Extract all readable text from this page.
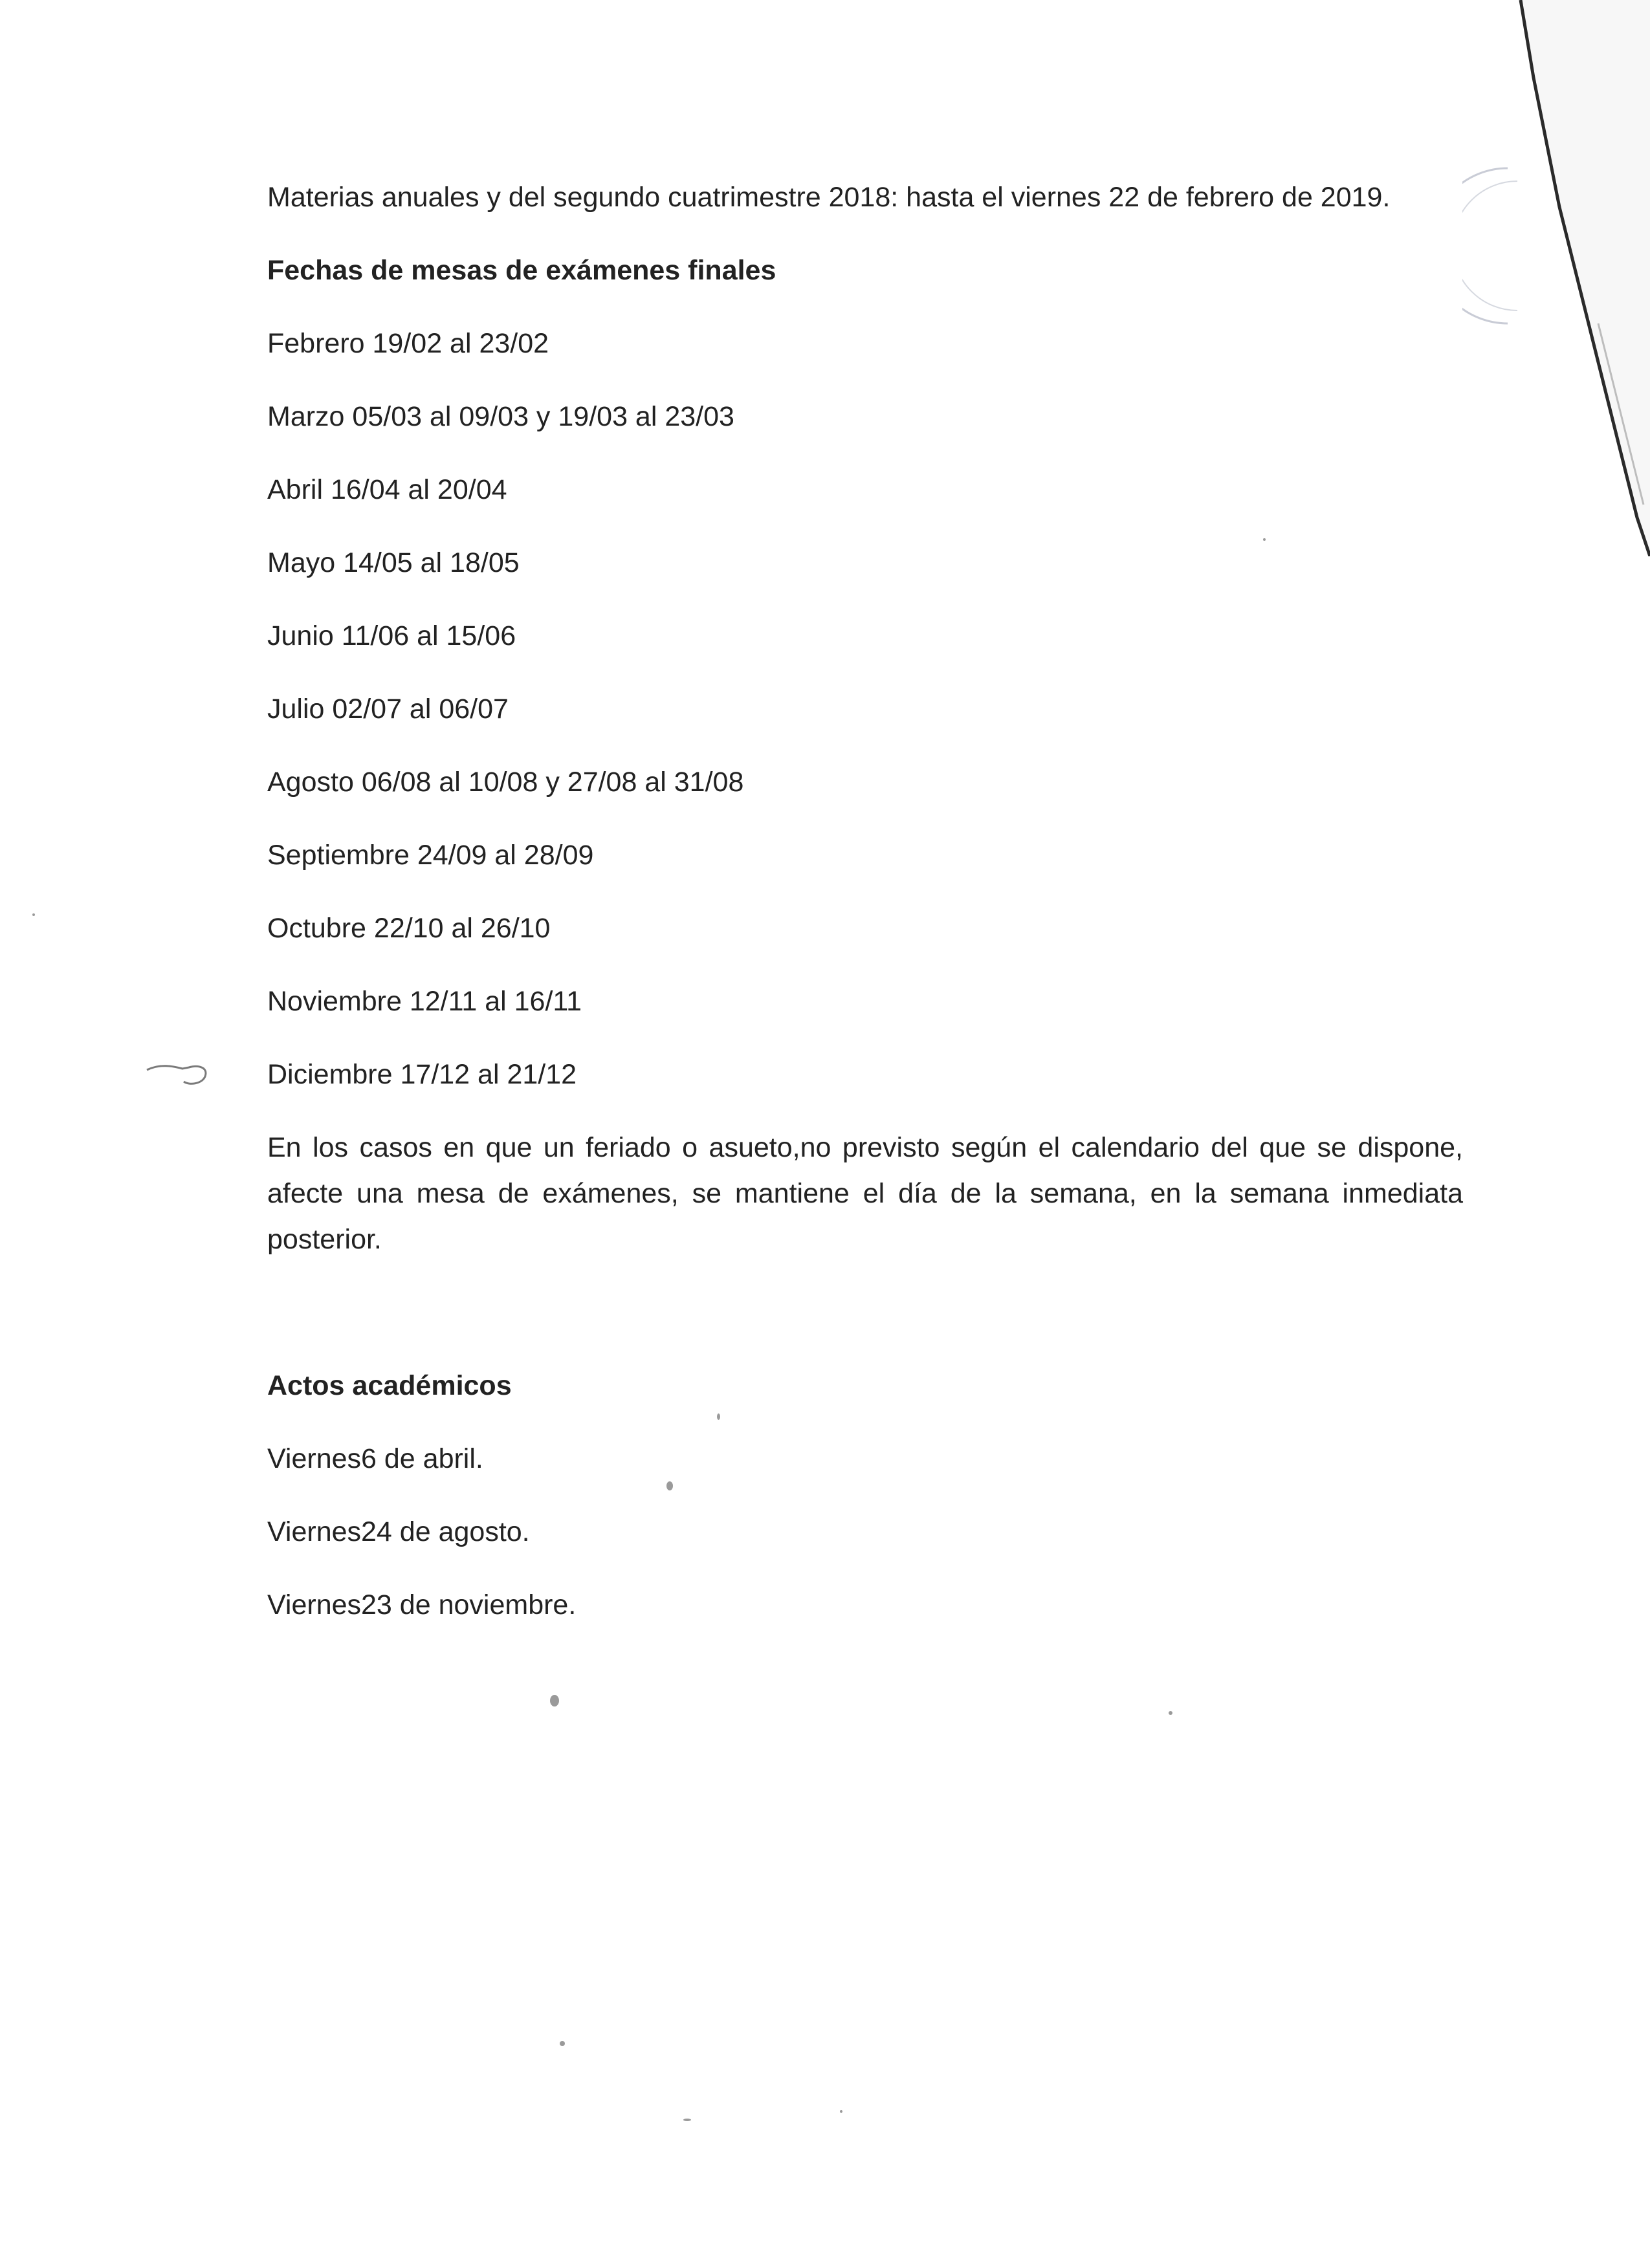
Materias anuales y del segundo cuatrimestre 2018: hasta el viernes 22 de febrero de 2019.

Fechas de mesas de exámenes finales
Febrero 19/02 al 23/02
Marzo 05/03 al 09/03 y 19/03 al 23/03
Abril 16/04 al 20/04
Mayo 14/05 al 18/05
Junio 11/06 al 15/06
Julio 02/07 al 06/07
Agosto 06/08 al 10/08 y 27/08 al 31/08
Septiembre 24/09 al 28/09
Octubre 22/10 al 26/10
Noviembre 12/11 al 16/11
Diciembre 17/12 al 21/12

En los casos en que un feriado o asueto,no previsto según el calendario del que se dispone, afecte una mesa de exámenes, se mantiene el día de la semana, en la semana inmediata posterior.

Actos académicos
Viernes6 de abril.
Viernes24 de agosto.
Viernes23 de noviembre.
